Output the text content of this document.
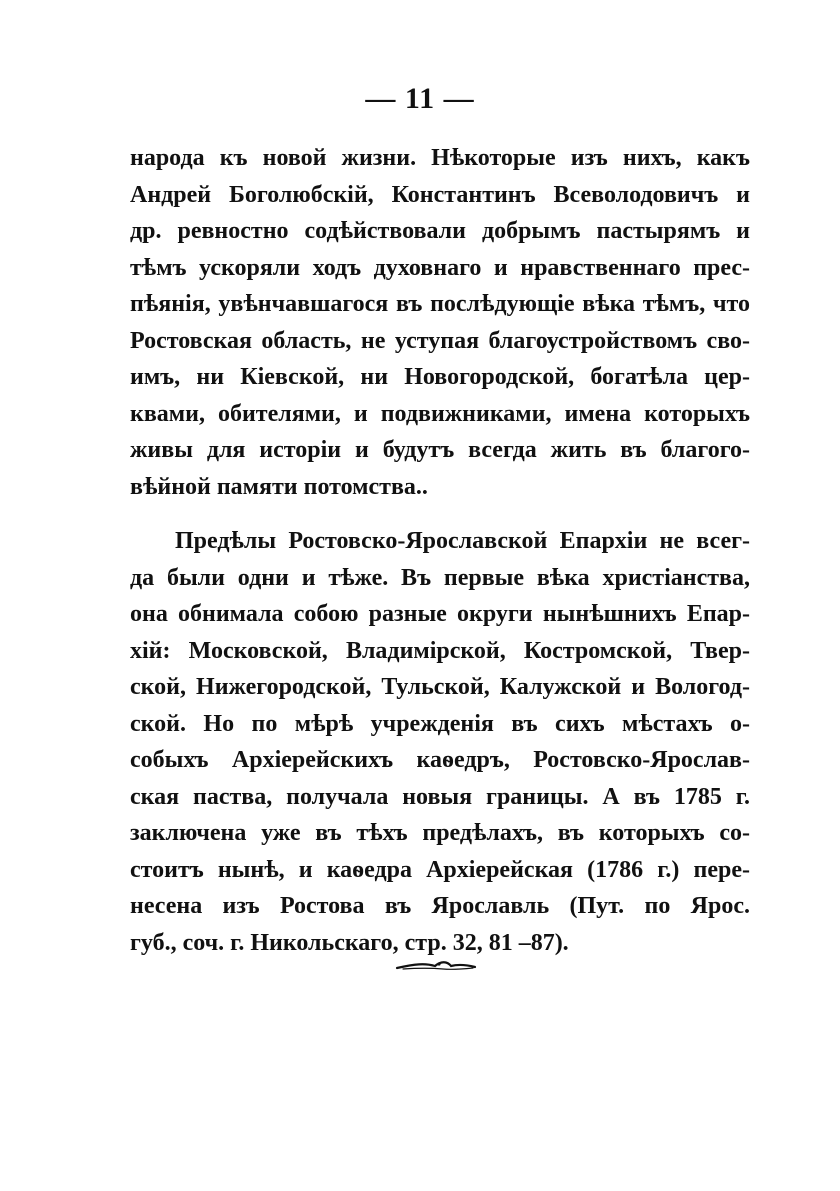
— 11 —
народа къ новой жизни. Нѣкоторые изъ нихъ, какъ
Андрей Боголюбскій, Константинъ Всеволодовичъ и
др. ревностно содѣйствовали добрымъ пастырямъ и
тѣмъ ускоряли ходъ духовнаго и нравственнаго прес-
пѣянія, увѣнчавшагося въ послѣдующіе вѣка тѣмъ, что
Ростовская область, не уступая благоустройствомъ сво-
имъ, ни Кіевской, ни Новогородской, богатѣла цер-
квами, обителями, и подвижниками, имена которыхъ
живы для исторіи и будутъ всегда жить въ благого-
вѣйной памяти потомства..
Предѣлы Ростовско-Ярославской Епархіи не всег-
да были одни и тѣже. Въ первые вѣка христіанства,
она обнимала собою разные округи нынѣшнихъ Епар-
хій: Московской, Владимірской, Костромской, Твер-
ской, Нижегородской, Тульской, Калужской и Вологод-
ской. Но по мѣрѣ учрежденія въ сихъ мѣстахъ о-
собыхъ Архіерейскихъ каѳедръ, Ростовско-Ярослав-
ская паства, получала новыя границы. А въ 1785 г.
заключена уже въ тѣхъ предѣлахъ, въ которыхъ со-
стоитъ нынѣ, и каѳедра Архіерейская (1786 г.) пере-
несена изъ Ростова въ Ярославль (Пут. по Ярос.
губ., соч. г. Никольскаго, стр. 32, 81 –87).
